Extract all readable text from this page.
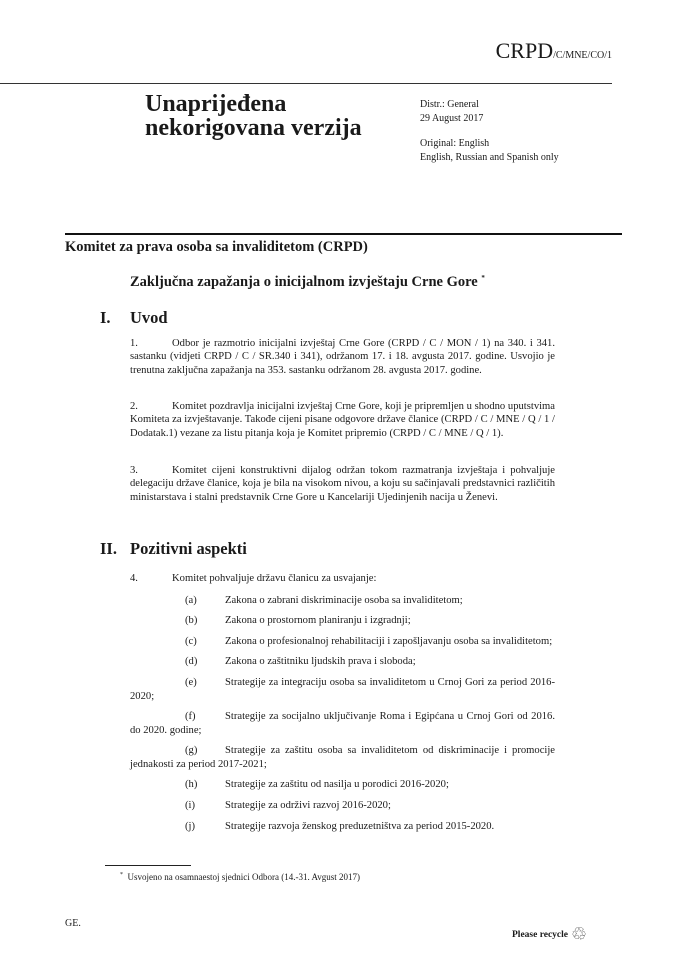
CRPD/C/MNE/CO/1
Unaprijeđena nekorigovana verzija
Distr.: General
29 August 2017
Original: English
English, Russian and Spanish only
Komitet za prava osoba sa invaliditetom (CRPD)
Zaključna zapažanja o inicijalnom izvještaju Crne Gore *
I. Uvod
1.	Odbor je razmotrio inicijalni izvještaj Crne Gore (CRPD / C / MON / 1) na 340. i 341. sastanku (vidjeti CRPD / C / SR.340 i 341), održanom 17. i 18. avgusta 2017. godine. Usvojio je trenutna zaključna zapažanja na 353. sastanku održanom 28. avgusta 2017. godine.
2.	Komitet pozdravlja inicijalni izvještaj Crne Gore, koji je pripremljen u shodno uputstvima Komiteta za izvještavanje. Takođe cijeni pisane odgovore države članice (CRPD / C / MNE / Q / 1 / Dodatak.1) vezane za listu pitanja koja je Komitet pripremio (CRPD / C / MNE / Q / 1).
3.	Komitet cijeni konstruktivni dijalog održan tokom razmatranja izvještaja i pohvaljuje delegaciju države članice, koja je bila na visokom nivou, a koju su sačinjavali predstavnici različitih ministarstava i stalni predstavnik Crne Gore u Kancelariji Ujedinjenih nacija u Ženevi.
II. Pozitivni aspekti
4.	Komitet pohvaljuje državu članicu za usvajanje:
(a)	Zakona o zabrani diskriminacije osoba sa invaliditetom;
(b)	Zakona o prostornom planiranju i izgradnji;
(c)	Zakona o profesionalnoj rehabilitaciji i zapošljavanju osoba sa invaliditetom;
(d)	Zakona o zaštitniku ljudskih prava i sloboda;
(e)	Strategije za integraciju osoba sa invaliditetom u Crnoj Gori za period 2016-2020;
(f)	Strategije za socijalno uključivanje Roma i Egipćana u Crnoj Gori od 2016. do 2020. godine;
(g)	Strategije za zaštitu osoba sa invaliditetom od diskriminacije i promocije jednakosti za period 2017-2021;
(h)	Strategije za zaštitu od nasilja u porodici 2016-2020;
(i)	Strategije za održivi razvoj 2016-2020;
(j)	Strategije razvoja ženskog preduzetništva za period 2015-2020.
* Usvojeno na osamnaestoj sjednici Odbora (14.-31. Avgust 2017)
GE.
Please recycle ♲
